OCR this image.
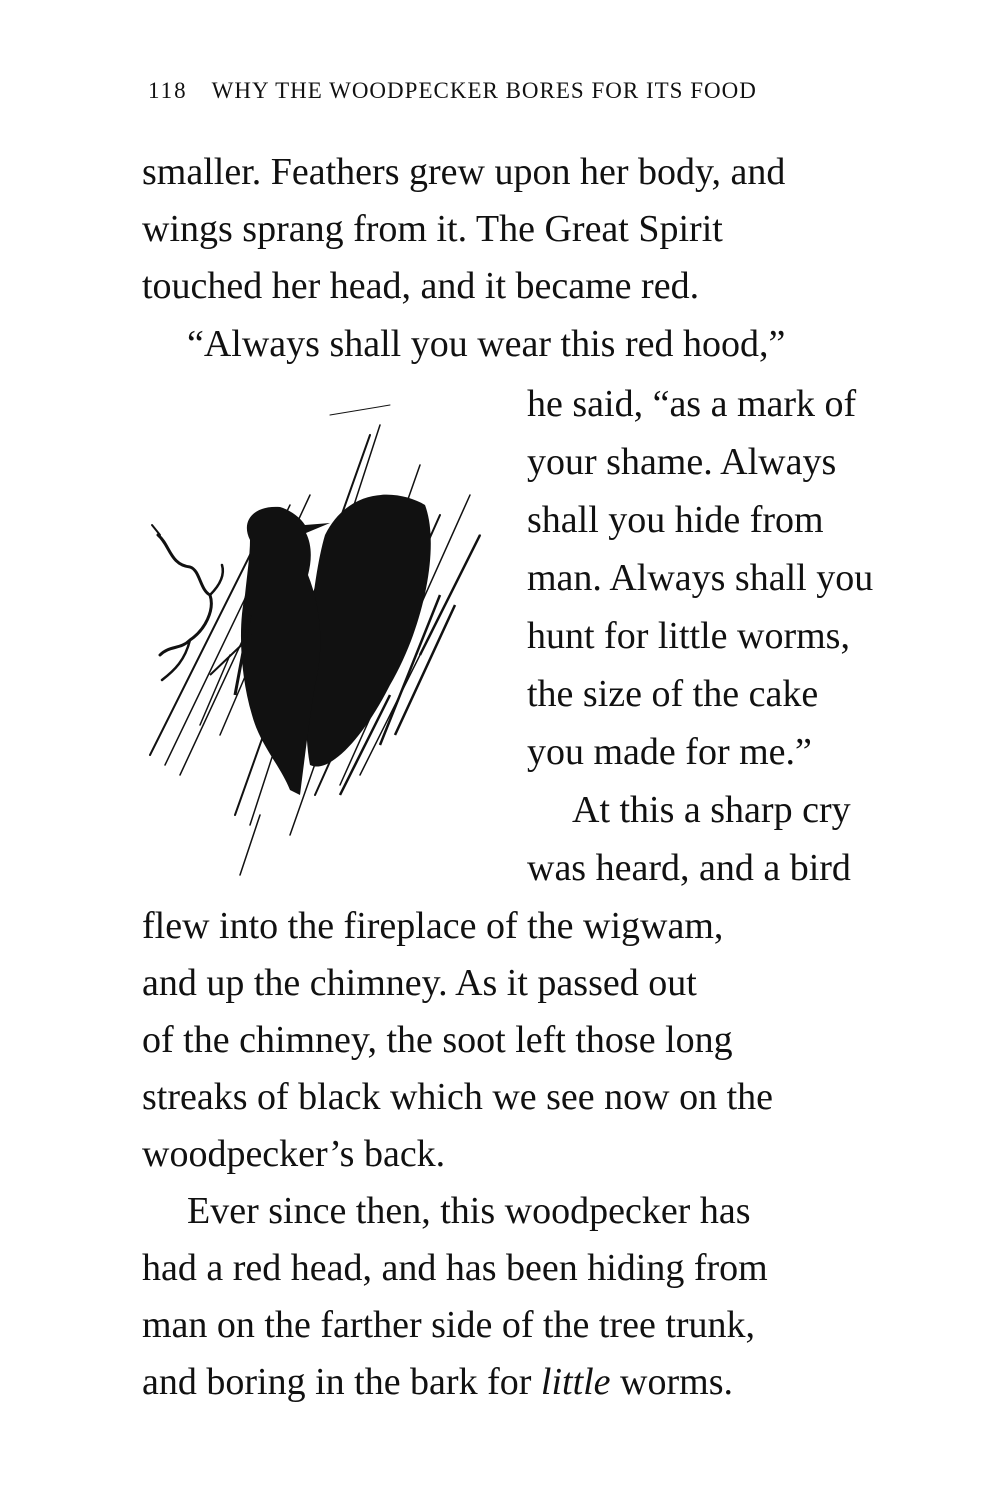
118 WHY THE WOODPECKER BORES FOR ITS FOOD
smaller. Feathers grew upon her body, and
wings sprang from it. The Great Spirit
touched her head, and it became red.
“Always shall you wear this red hood,”
he said, “as a mark of
your shame. Always
shall you hide from
man. Always shall you
hunt for little worms,
the size of the cake
you made for me.”
At this a sharp cry
was heard, and a bird
flew into the fireplace of the wigwam,
and up the chimney. As it passed out
of the chimney, the soot left those long
streaks of black which we see now on the
woodpecker’s back.
Ever since then, this woodpecker has
had a red head, and has been hiding from
man on the farther side of the tree trunk,
and boring in the bark for little worms.
